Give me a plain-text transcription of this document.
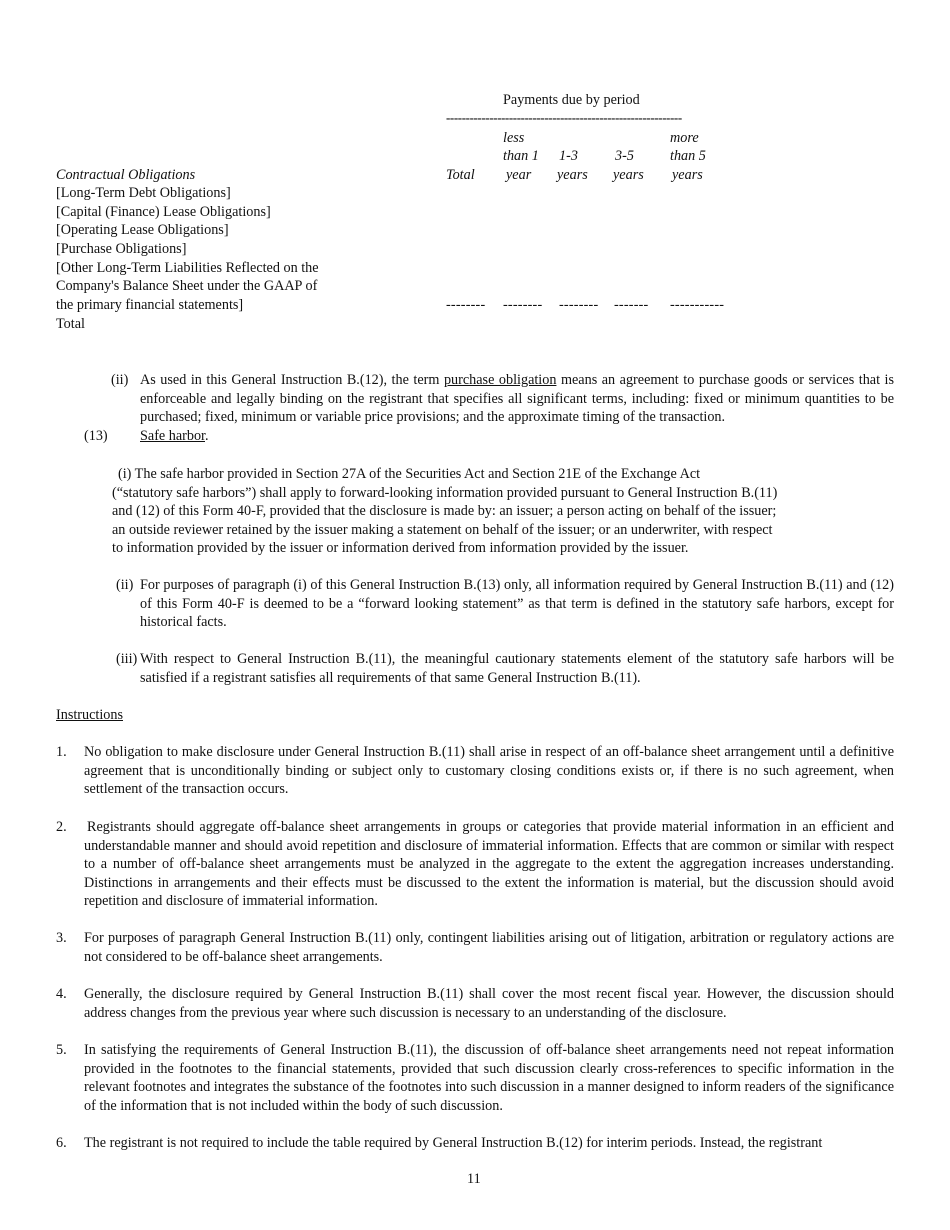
Payments due by period
------------------------------------------------------------
Total
less
than 1
year
1-3
years
3-5
years
more
than 5
years
Contractual Obligations
[Long-Term Debt Obligations]
[Capital (Finance) Lease Obligations]
[Operating Lease Obligations]
[Purchase Obligations]
[Other Long-Term Liabilities Reflected on the
Company's Balance Sheet under the GAAP of
the primary financial statements]	-------- -------- -------- ------- -----------
Total
(ii) As used in this General Instruction B.(12), the term purchase obligation means an agreement to purchase goods or services that is enforceable and legally binding on the registrant that specifies all significant terms, including: fixed or minimum quantities to be purchased; fixed, minimum or variable price provisions; and the approximate timing of the transaction.
(13) Safe harbor.
(i) The safe harbor provided in Section 27A of the Securities Act and Section 21E of the Exchange Act
(“statutory safe harbors”) shall apply to forward-looking information provided pursuant to General Instruction B.(11)
and (12) of this Form 40-F, provided that the disclosure is made by: an issuer; a person acting on behalf of the issuer;
an outside reviewer retained by the issuer making a statement on behalf of the issuer; or an underwriter, with respect
to information provided by the issuer or information derived from information provided by the issuer.
(ii) For purposes of paragraph (i) of this General Instruction B.(13) only, all information required by General Instruction B.(11) and (12) of this Form 40-F is deemed to be a “forward looking statement” as that term is defined in the statutory safe harbors, except for historical facts.
(iii) With respect to General Instruction B.(11), the meaningful cautionary statements element of the statutory safe harbors will be satisfied if a registrant satisfies all requirements of that same General Instruction B.(11).
Instructions
1. No obligation to make disclosure under General Instruction B.(11) shall arise in respect of an off-balance sheet arrangement until a definitive agreement that is unconditionally binding or subject only to customary closing conditions exists or, if there is no such agreement, when settlement of the transaction occurs.
2. Registrants should aggregate off-balance sheet arrangements in groups or categories that provide material information in an efficient and understandable manner and should avoid repetition and disclosure of immaterial information. Effects that are common or similar with respect to a number of off-balance sheet arrangements must be analyzed in the aggregate to the extent the aggregation increases understanding. Distinctions in arrangements and their effects must be discussed to the extent the information is material, but the discussion should avoid repetition and disclosure of immaterial information.
3. For purposes of paragraph General Instruction B.(11) only, contingent liabilities arising out of litigation, arbitration or regulatory actions are not considered to be off-balance sheet arrangements.
4. Generally, the disclosure required by General Instruction B.(11) shall cover the most recent fiscal year. However, the discussion should address changes from the previous year where such discussion is necessary to an understanding of the disclosure.
5. In satisfying the requirements of General Instruction B.(11), the discussion of off-balance sheet arrangements need not repeat information provided in the footnotes to the financial statements, provided that such discussion clearly cross-references to specific information in the relevant footnotes and integrates the substance of the footnotes into such discussion in a manner designed to inform readers of the significance of the information that is not included within the body of such discussion.
6. The registrant is not required to include the table required by General Instruction B.(12) for interim periods. Instead, the registrant
11
